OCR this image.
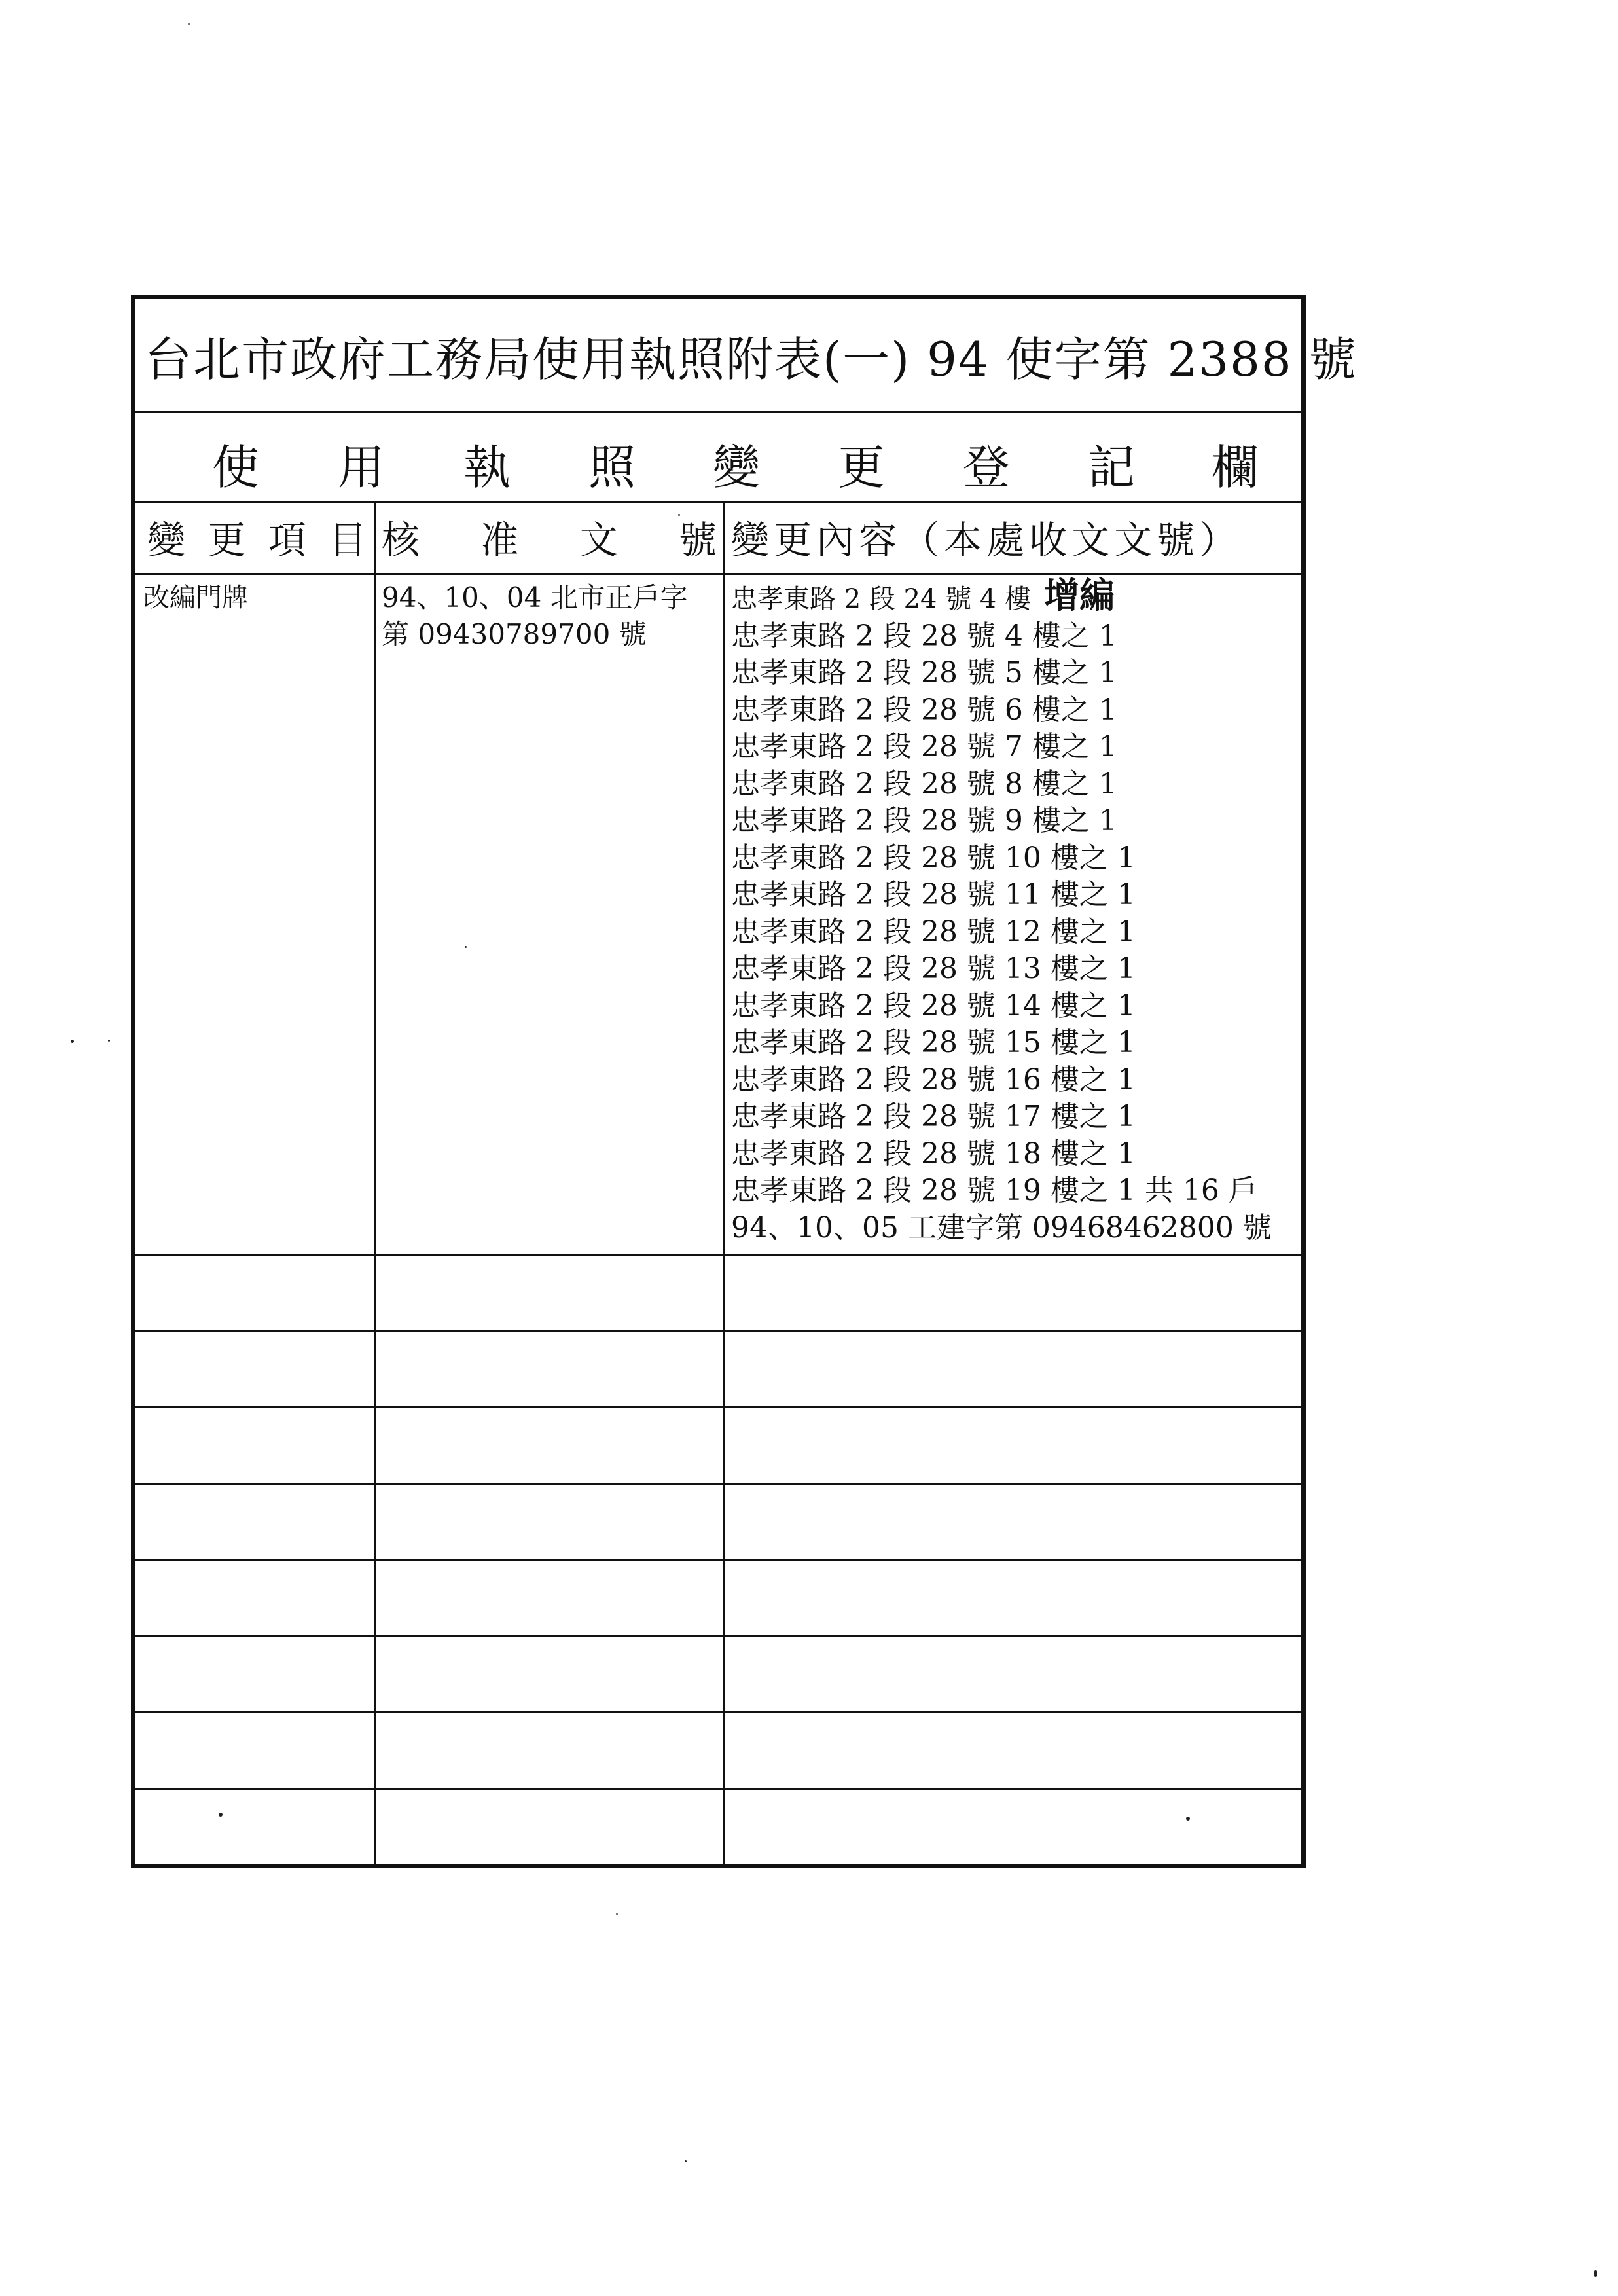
台北市政府工務局使用執照附表(一) 94 使字第 2388 號
使 用 執 照 變 更 登 記 欄
變 更 項 目 核 准 文 號 變更內容（本處收文文號）
改編門牌	94、10、04 北市正戶字
第 09430789700 號
忠孝東路 2 段 24 號 4 樓 增編
忠孝東路 2 段 28 號 4 樓之 1
忠孝東路 2 段 28 號 5 樓之 1
忠孝東路 2 段 28 號 6 樓之 1
忠孝東路 2 段 28 號 7 樓之 1
忠孝東路 2 段 28 號 8 樓之 1
忠孝東路 2 段 28 號 9 樓之 1
忠孝東路 2 段 28 號 10 樓之 1
忠孝東路 2 段 28 號 11 樓之 1
忠孝東路 2 段 28 號 12 樓之 1
忠孝東路 2 段 28 號 13 樓之 1
忠孝東路 2 段 28 號 14 樓之 1
忠孝東路 2 段 28 號 15 樓之 1
忠孝東路 2 段 28 號 16 樓之 1
忠孝東路 2 段 28 號 17 樓之 1
忠孝東路 2 段 28 號 18 樓之 1
忠孝東路 2 段 28 號 19 樓之 1 共 16 戶
94、10、05 工建字第 09468462800 號
